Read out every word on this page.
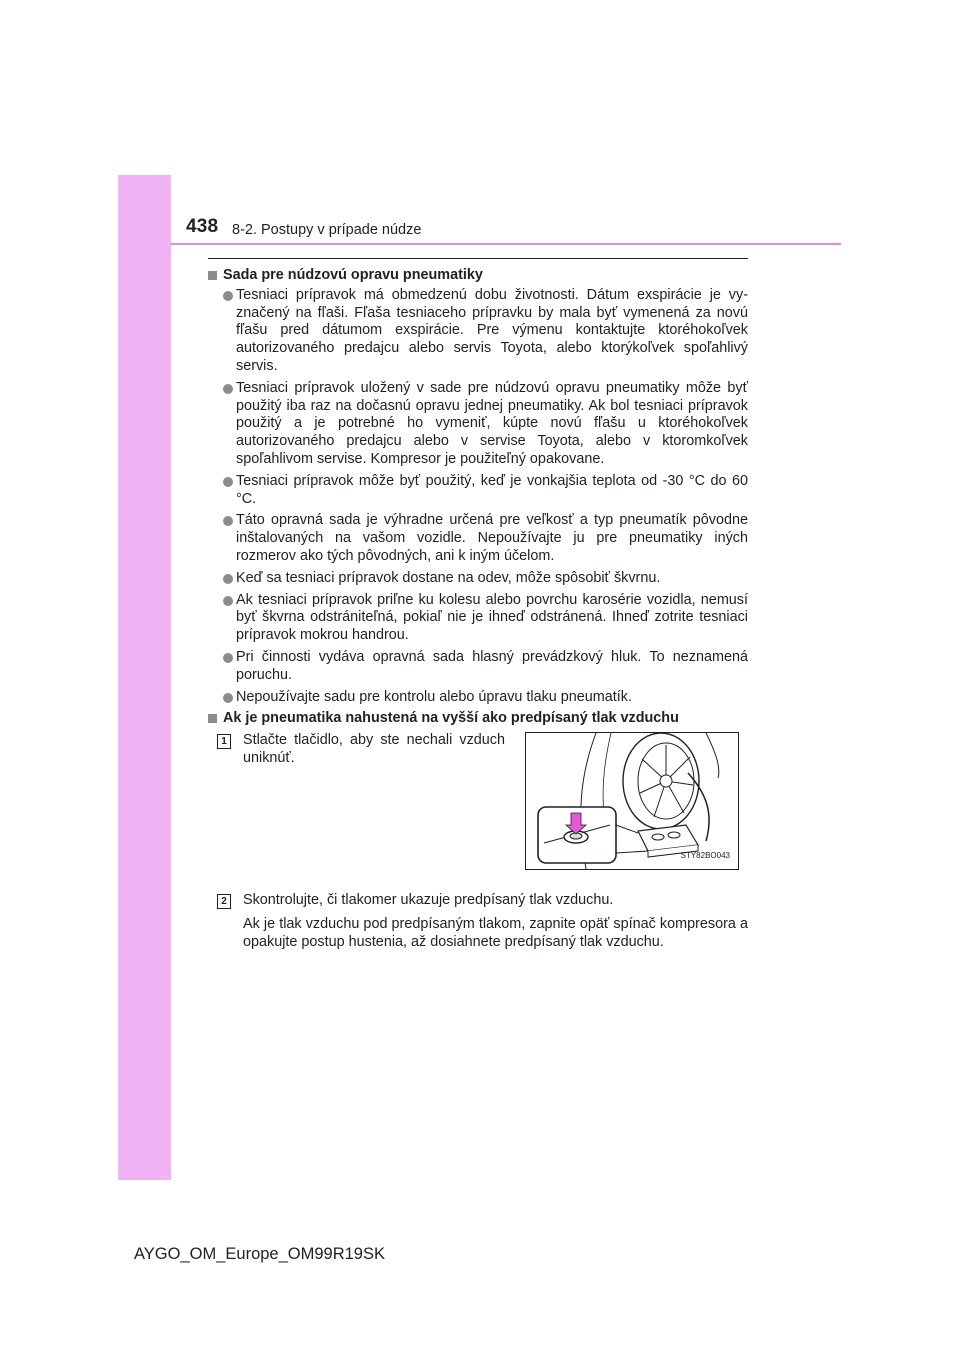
438 8-2. Postupy v prípade núdze
Sada pre núdzovú opravu pneumatiky
Tesniaci prípravok má obmedzenú dobu životnosti. Dátum exspirácie je vyznačený na fľaši. Fľaša tesniaceho prípravku by mala byť vymenená za novú fľašu pred dátumom exspirácie. Pre výmenu kontaktujte ktoréhokoľvek autorizovaného predajcu alebo servis Toyota, alebo ktorýkoľvek spoľahlivý servis.
Tesniaci prípravok uložený v sade pre núdzovú opravu pneumatiky môže byť použitý iba raz na dočasnú opravu jednej pneumatiky. Ak bol tesniaci prípravok použitý a je potrebné ho vymeniť, kúpte novú fľašu u ktoréhokoľvek autorizovaného predajcu alebo v servise Toyota, alebo v ktoromkoľvek spoľahlivom servise. Kompresor je použiteľný opakovane.
Tesniaci prípravok môže byť použitý, keď je vonkajšia teplota od -30 °C do 60 °C.
Táto opravná sada je výhradne určená pre veľkosť a typ pneumatík pôvodne inštalovaných na vašom vozidle. Nepoužívajte ju pre pneumatiky iných rozmerov ako tých pôvodných, ani k iným účelom.
Keď sa tesniaci prípravok dostane na odev, môže spôsobiť škvrnu.
Ak tesniaci prípravok priľne ku kolesu alebo povrchu karosérie vozidla, nemusí byť škvrna odstrániteľná, pokiaľ nie je ihneď odstránená. Ihneď zotrite tesniaci prípravok mokrou handrou.
Pri činnosti vydáva opravná sada hlasný prevádzkový hluk. To neznamená poruchu.
Nepoužívajte sadu pre kontrolu alebo úpravu tlaku pneumatík.
Ak je pneumatika nahustená na vyšší ako predpísaný tlak vzduchu
1 Stlačte tlačidlo, aby ste nechali vzduch uniknúť.
STY82BO043
2 Skontrolujte, či tlakomer ukazuje predpísaný tlak vzduchu.
Ak je tlak vzduchu pod predpísaným tlakom, zapnite opäť spínač kompresora a opakujte postup hustenia, až dosiahnete predpísaný tlak vzduchu.
AYGO_OM_Europe_OM99R19SK
